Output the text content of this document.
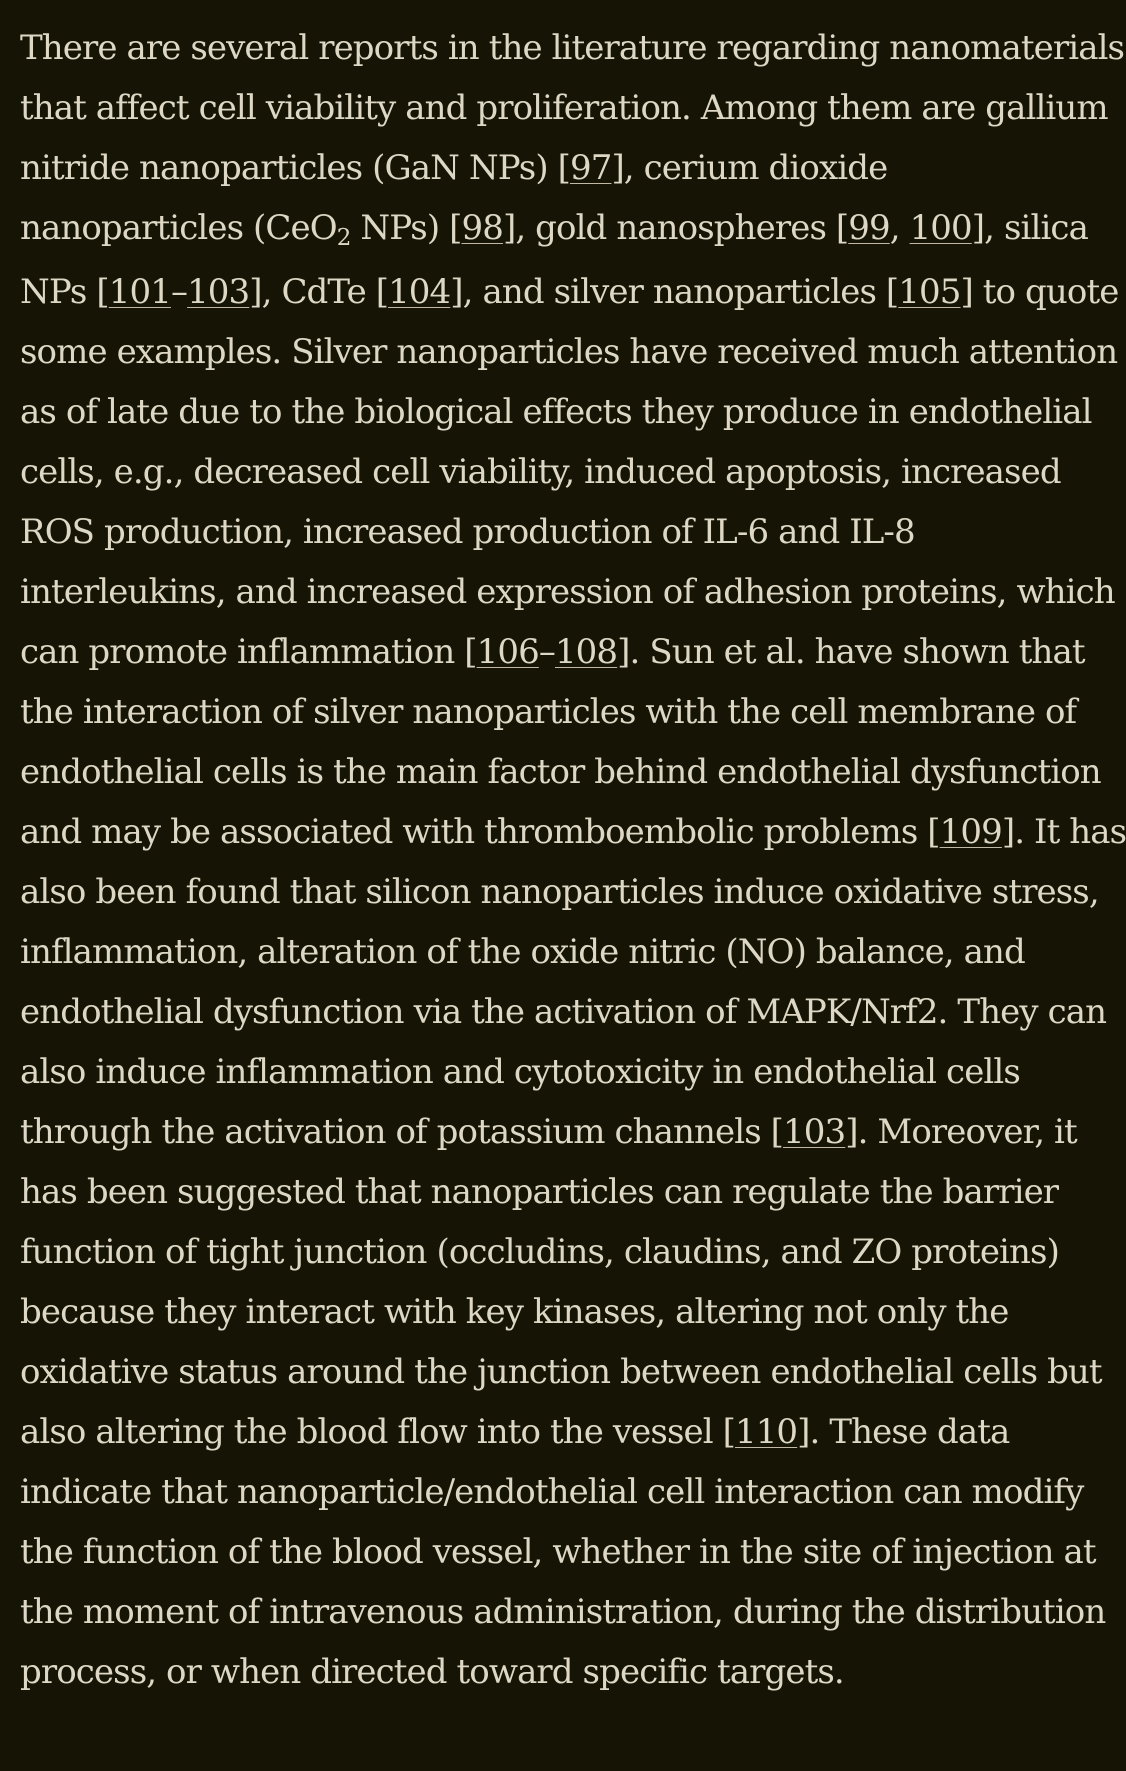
There are several reports in the literature regarding nanomaterials
that affect cell viability and proliferation. Among them are gallium
nitride nanoparticles (GaN NPs) [97], cerium dioxide
nanoparticles (CeO$_2$ NPs) [98], gold nanospheres [99, 100], silica
NPs [101–103], CdTe [104], and silver nanoparticles [105] to quote
some examples. Silver nanoparticles have received much attention
as of late due to the biological effects they produce in endothelial
cells, e.g., decreased cell viability, induced apoptosis, increased
ROS production, increased production of IL-6 and IL-8
interleukins, and increased expression of adhesion proteins, which
can promote inflammation [106–108]. Sun et al. have shown that
the interaction of silver nanoparticles with the cell membrane of
endothelial cells is the main factor behind endothelial dysfunction
and may be associated with thromboembolic problems [109]. It has
also been found that silicon nanoparticles induce oxidative stress,
inflammation, alteration of the oxide nitric (NO) balance, and
endothelial dysfunction via the activation of MAPK/Nrf2. They can
also induce inflammation and cytotoxicity in endothelial cells
through the activation of potassium channels [103]. Moreover, it
has been suggested that nanoparticles can regulate the barrier
function of tight junction (occludins, claudins, and ZO proteins)
because they interact with key kinases, altering not only the
oxidative status around the junction between endothelial cells but
also altering the blood flow into the vessel [110]. These data
indicate that nanoparticle/endothelial cell interaction can modify
the function of the blood vessel, whether in the site of injection at
the moment of intravenous administration, during the distribution
process, or when directed toward specific targets.
